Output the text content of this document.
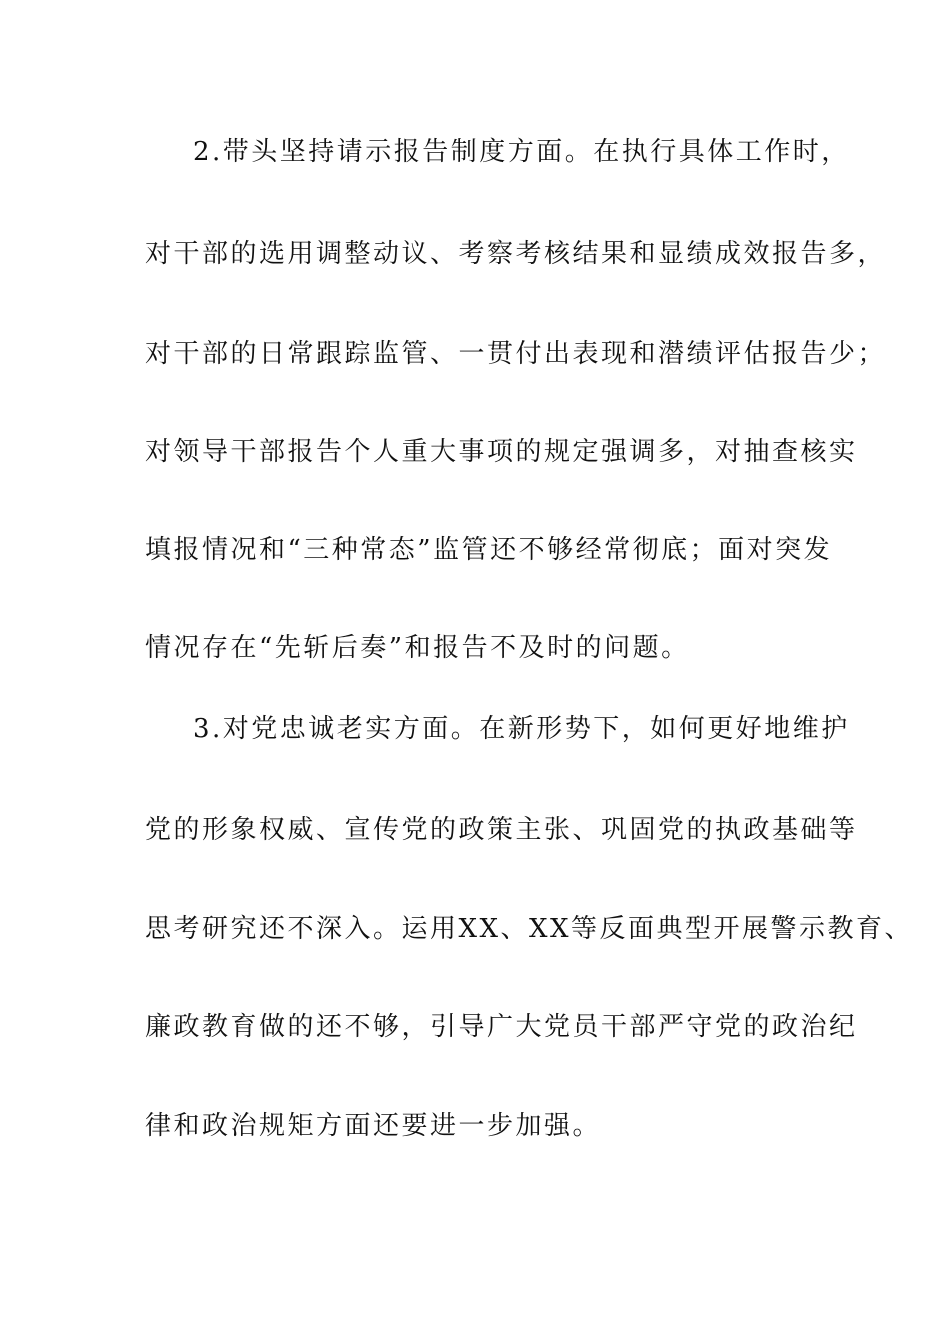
2.带头坚持请示报告制度方面。在执行具体工作时，
对干部的选用调整动议、考察考核结果和显绩成效报告多，
对干部的日常跟踪监管、一贯付出表现和潜绩评估报告少；
对领导干部报告个人重大事项的规定强调多，对抽查核实
填报情况和“三种常态”监管还不够经常彻底；面对突发
情况存在“先斩后奏”和报告不及时的问题。
3.对党忠诚老实方面。在新形势下，如何更好地维护
党的形象权威、宣传党的政策主张、巩固党的执政基础等
思考研究还不深入。运用XX、XX等反面典型开展警示教育、
廉政教育做的还不够，引导广大党员干部严守党的政治纪
律和政治规矩方面还要进一步加强。
